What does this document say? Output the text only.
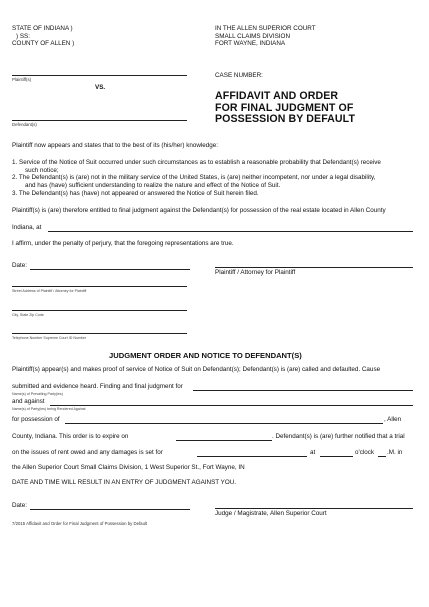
STATE OF INDIANA )
) SS:
COUNTY OF ALLEN )
IN THE ALLEN SUPERIOR COURT
SMALL CLAIMS DIVISION
FORT WAYNE, INDIANA
Plaintiff(s)
VS.
Defendant(s)
CASE NUMBER:
AFFIDAVIT AND ORDER
FOR FINAL JUDGMENT OF
POSSESSION BY DEFAULT
Plaintiff now appears and states that to the best of its (his/her) knowledge:
1. Service of the Notice of Suit occurred under such circumstances as to establish a reasonable probability that Defendant(s) receive
such notice;
2. The Defendant(s) is (are) not in the military service of the United States, is (are) neither incompetent, nor under a legal disability,
and has (have) sufficient understanding to realize the nature and effect of the Notice of Suit.
3. The Defendant(s) has (have) not appeared or answered the Notice of Suit herein filed.
Plaintiff(s) is (are) therefore entitled to final judgment against the Defendant(s) for possession of the real estate located in Allen County
Indiana, at
I affirm, under the penalty of perjury, that the foregoing representations are true.
Date:
Plaintiff / Attorney for Plaintiff
Street Address of Plaintiff / Attorney for Plaintiff
City, State Zip Code
Telephone Number Supreme Court ID Number
JUDGMENT ORDER AND NOTICE TO DEFENDANT(S)
Plaintiff(s) appear(s) and makes proof of service of Notice of Suit on Defendant(s); Defendant(s) is (are) called and defaulted. Cause
submitted and evidence heard. Finding and final judgment for
Name(s) of Prevailing Party(ies)
and against
Name(s) of Party(ies) being Rendered Against
for possession of	, Allen
County, Indiana. This order is to expire on	. Defendant(s) is (are) further notified that a trial
on the issues of rent owed and any damages is set for	at	o'clock .M. in
the Allen Superior Court Small Claims Division, 1 West Superior St., Fort Wayne, IN
DATE AND TIME WILL RESULT IN AN ENTRY OF JUDGMENT AGAINST YOU.
Date:
Judge / Magistrate, Allen Superior Court
7/2015 Affidavit and Order for Final Judgment of Possession by Default
